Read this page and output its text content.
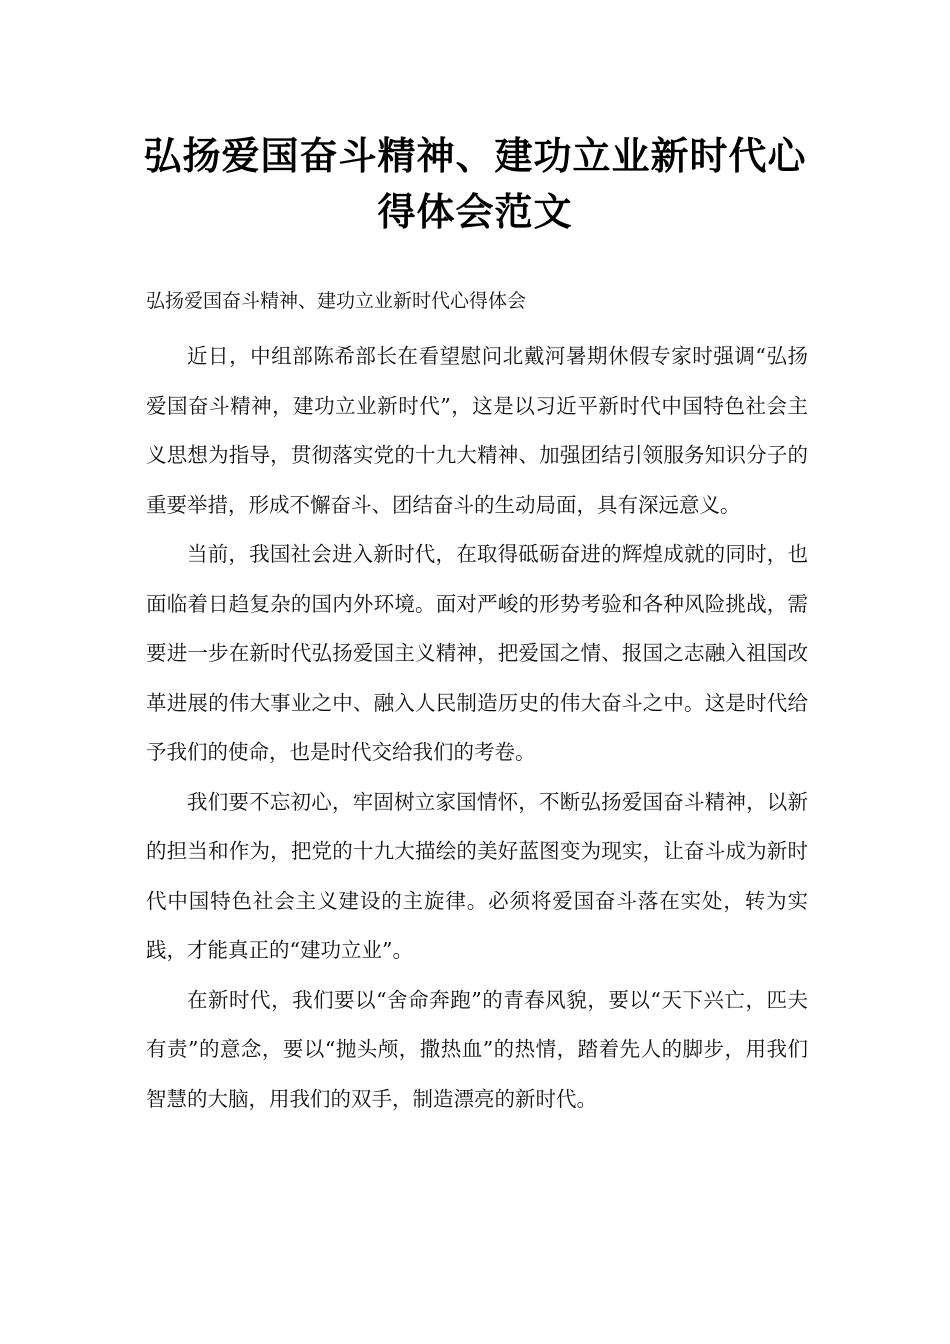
弘扬爱国奋斗精神、建功立业新时代心得体会范文

弘扬爱国奋斗精神、建功立业新时代心得体会

近日，中组部陈希部长在看望慰问北戴河暑期休假专家时强调“弘扬爱国奋斗精神，建功立业新时代”，这是以习近平新时代中国特色社会主义思想为指导，贯彻落实党的十九大精神、加强团结引领服务知识分子的重要举措，形成不懈奋斗、团结奋斗的生动局面，具有深远意义。

当前，我国社会进入新时代，在取得砥砺奋进的辉煌成就的同时，也面临着日趋复杂的国内外环境。面对严峻的形势考验和各种风险挑战，需要进一步在新时代弘扬爱国主义精神，把爱国之情、报国之志融入祖国改革进展的伟大事业之中、融入人民制造历史的伟大奋斗之中。这是时代给予我们的使命，也是时代交给我们的考卷。

我们要不忘初心，牢固树立家国情怀，不断弘扬爱国奋斗精神，以新的担当和作为，把党的十九大描绘的美好蓝图变为现实，让奋斗成为新时代中国特色社会主义建设的主旋律。必须将爱国奋斗落在实处，转为实践，才能真正的“建功立业”。

在新时代，我们要以“舍命奔跑”的青春风貌，要以“天下兴亡，匹夫有责”的意念，要以“抛头颅，撒热血”的热情，踏着先人的脚步，用我们智慧的大脑，用我们的双手，制造漂亮的新时代。
